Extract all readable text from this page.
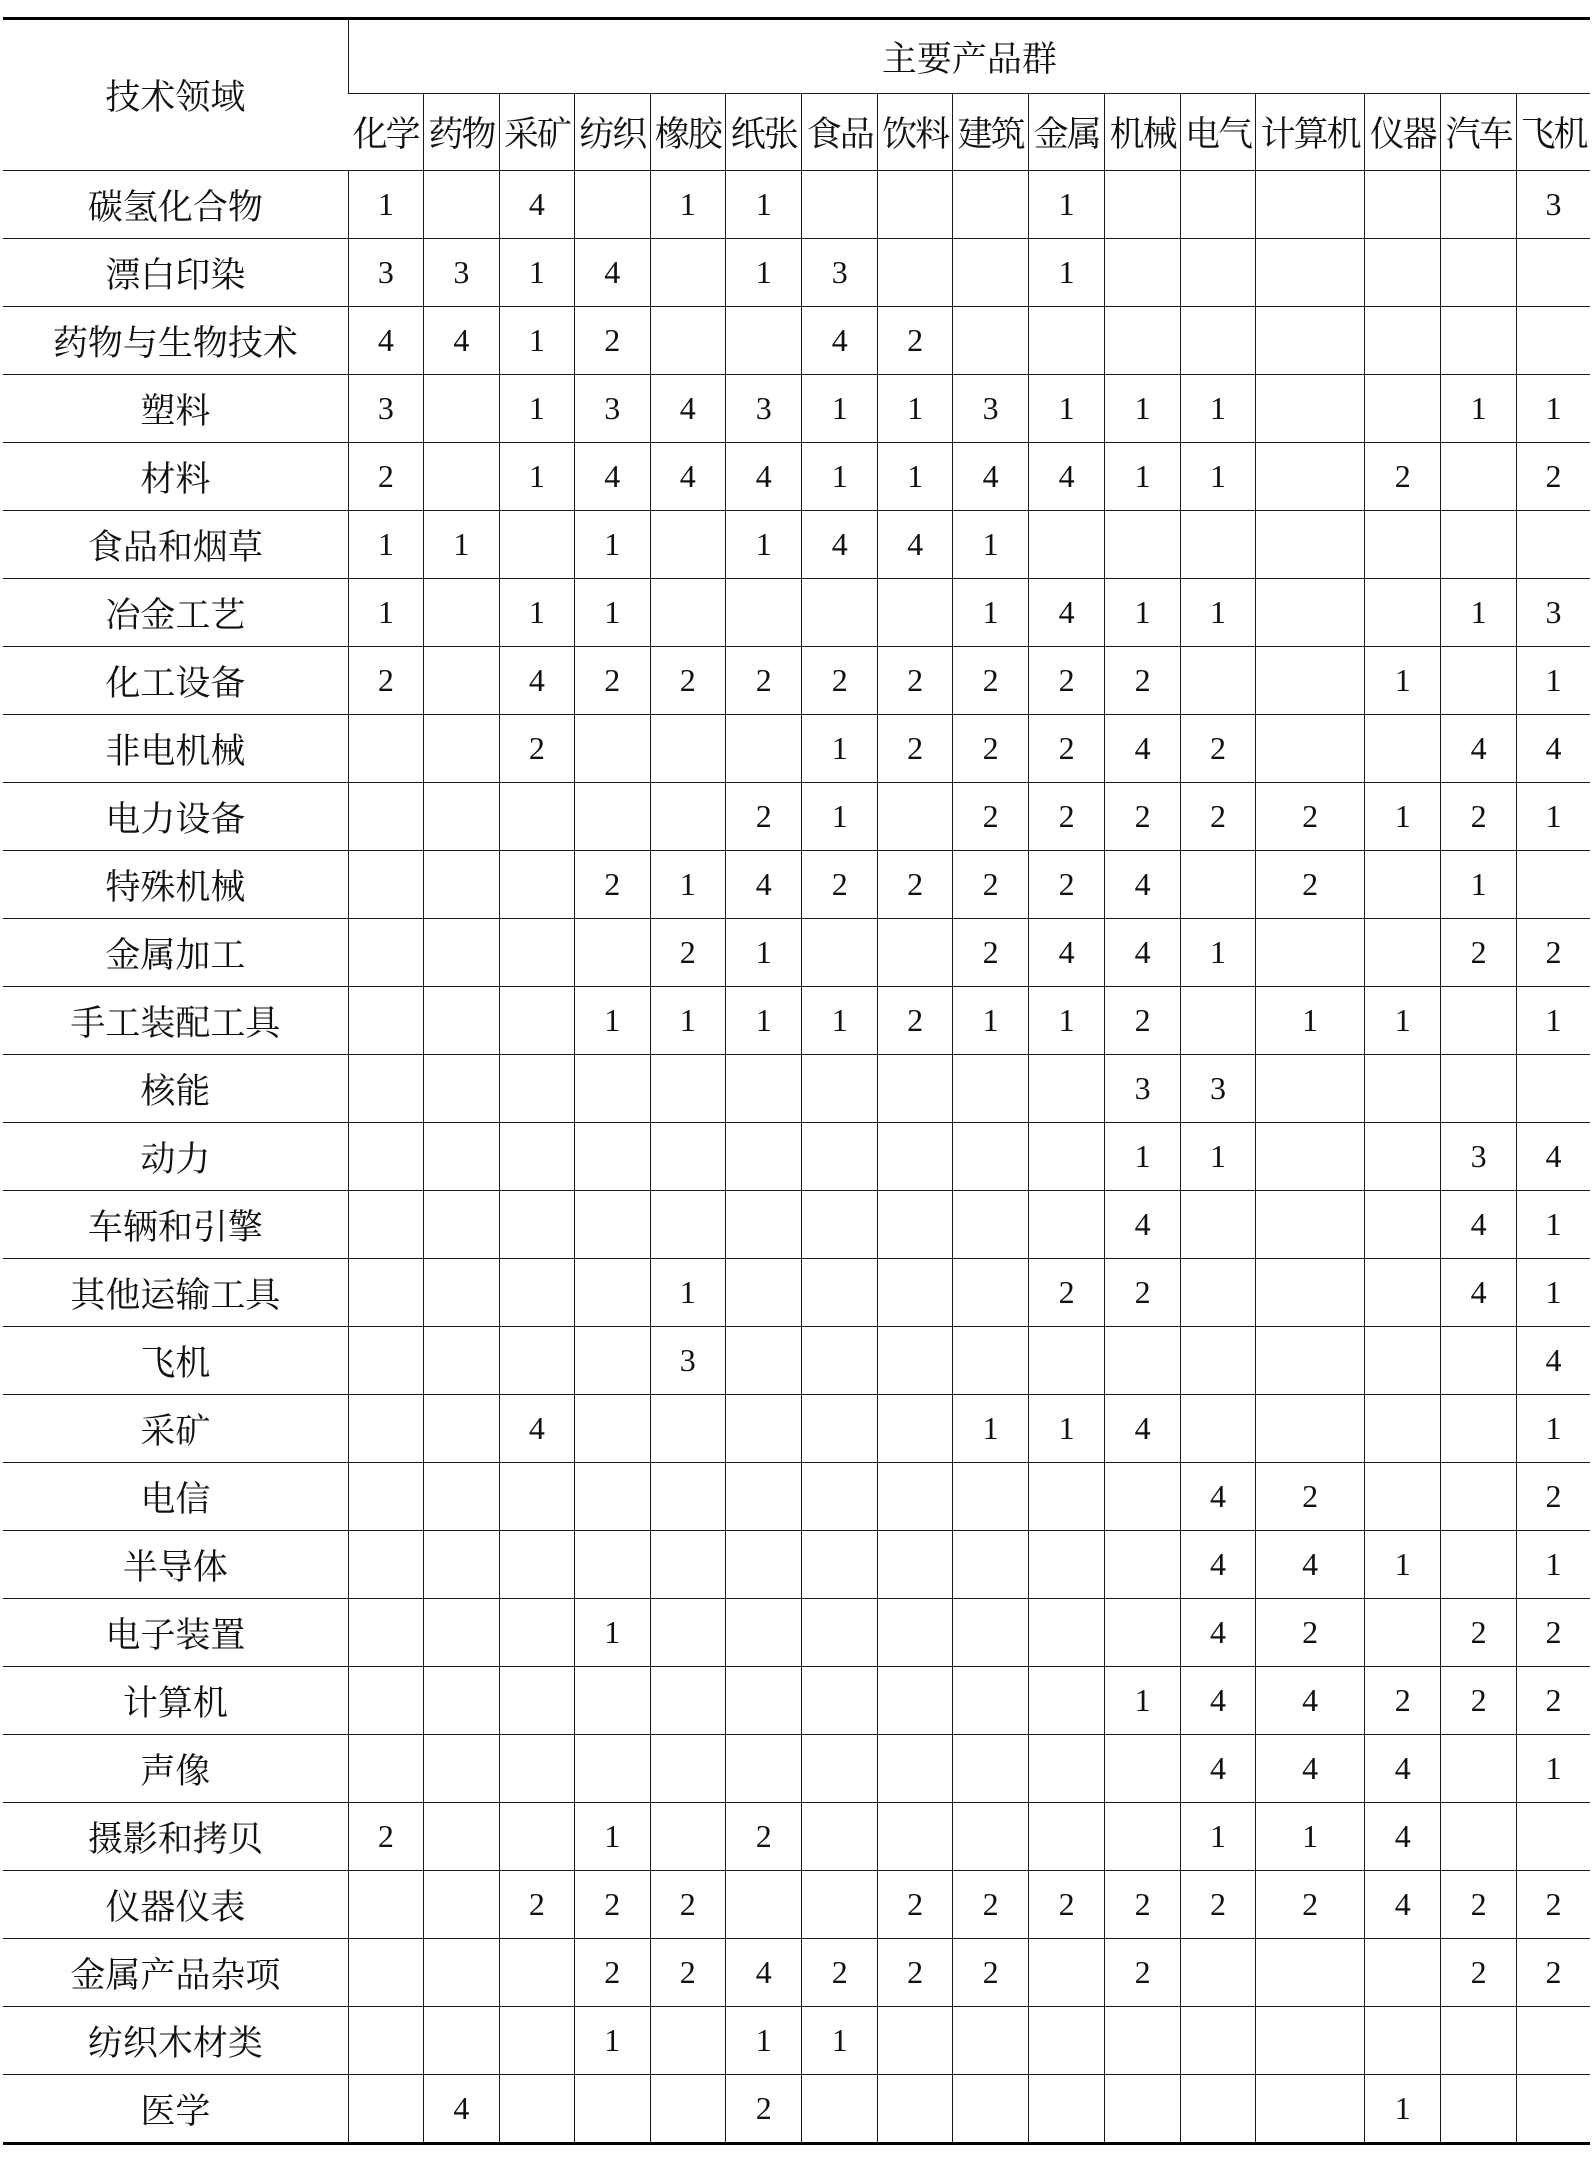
技术领域	主要产品群															
	化学	药物	采矿	纺织	橡胶	纸张	食品	饮料	建筑	金属	机械	电气	计算机	仪器	汽车	飞机
碳氢化合物	1		4		1	1				1						3
漂白印染	3	3	1	4		1	3			1						
药物与生物技术	4	4	1	2			4	2								
塑料	3		1	3	4	3	1	1	3	1	1	1			1	1
材料	2		1	4	4	4	1	1	4	4	1	1		2		2
食品和烟草	1	1		1		1	4	4	1							
冶金工艺	1		1	1					1	4	1	1			1	3
化工设备	2		4	2	2	2	2	2	2	2	2			1		1
非电机械			2				1	2	2	2	4	2			4	4
电力设备						2	1		2	2	2	2	2	1	2	1
特殊机械				2	1	4	2	2	2	2	4		2		1	
金属加工					2	1			2	4	4	1			2	2
手工装配工具				1	1	1	1	2	1	1	2		1	1		1
核能											3	3				
动力											1	1			3	4
车辆和引擎											4				4	1
其他运输工具					1					2	2				4	1
飞机					3											4
采矿			4						1	1	4					1
电信												4	2			2
半导体												4	4	1		1
电子装置				1								4	2		2	2
计算机											1	4	4	2	2	2
声像												4	4	4		1
摄影和拷贝	2			1		2						1	1	4		
仪器仪表			2	2	2			2	2	2	2	2	2	4	2	2
金属产品杂项				2	2	4	2	2	2		2				2	2
纺织木材类				1		1	1									
医学		4				2								1		
